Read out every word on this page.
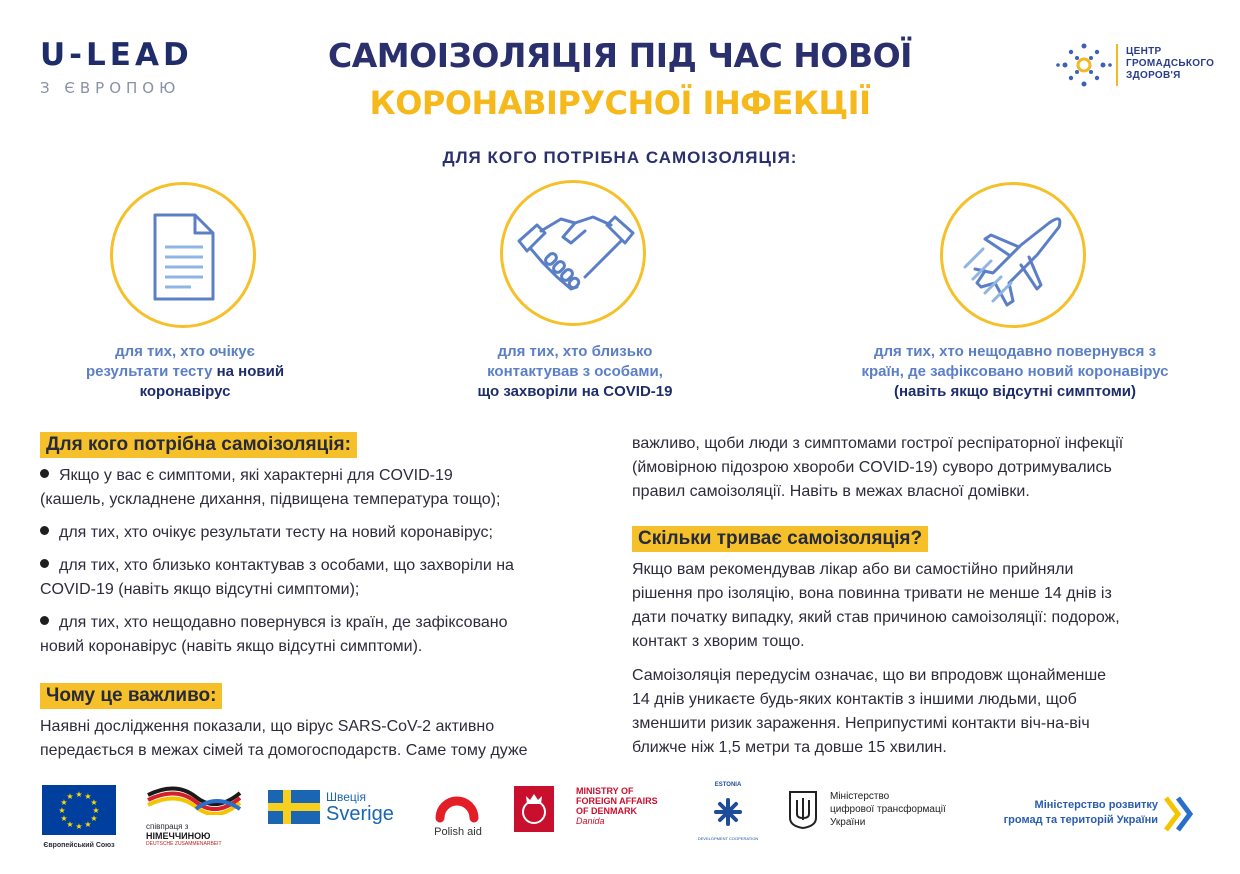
U-LEAD
З ЄВРОПОЮ
САМОІЗОЛЯЦІЯ ПІД ЧАС НОВОЇ
КОРОНАВІРУСНОЇ ІНФЕКЦІЇ
ДЛЯ КОГО ПОТРІБНА САМОІЗОЛЯЦІЯ:
ЦЕНТР
ГРОМАДСЬКОГО
ЗДОРОВ'Я
для тих, хто очікує
результати тесту на новий
коронавірус
для тих, хто близько
контактував з особами,
що захворіли на COVID-19
для тих, хто нещодавно повернувся з
країн, де зафіксовано новий коронавірус
(навіть якщо відсутні симптоми)
Для кого потрібна самоізоляція:
Якщо у вас є симптоми, які характерні для COVID-19
(кашель, ускладнене дихання, підвищена температура тощо);
для тих, хто очікує результати тесту на новий коронавірус;
для тих, хто близько контактував з особами, що захворіли на
COVID-19 (навіть якщо відсутні симптоми);
для тих, хто нещодавно повернувся із країн, де зафіксовано
новий коронавірус (навіть якщо відсутні симптоми).
Чому це важливо:
Наявні дослідження показали, що вірус SARS-CoV-2 активно
передається в межах сімей та домогосподарств. Саме тому дуже
важливо, щоби люди з симптомами гострої респіраторної інфекції
(ймовірною підозрою хвороби COVID-19) суворо дотримувались
правил самоізоляції. Навіть в межах власної домівки.
Скільки триває самоізоляція?
Якщо вам рекомендував лікар або ви самостійно прийняли
рішення про ізоляцію, вона повинна тривати не менше 14 днів із
дати початку випадку, який став причиною самоізоляції: подорож,
контакт з хворим тощо.
Самоізоляція передусім означає, що ви впродовж щонайменше
14 днів уникаєте будь-яких контактів з іншими людьми, щоб
зменшити ризик зараження. Неприпустимі контакти віч-на-віч
ближче ніж 1,5 метри та довше 15 хвилин.
★ ★
★
★
★
★
★
★
★
★
★
★
Європейський Союз
співпраця з
НІМЕЧЧИНОЮ
DEUTSCHE ZUSAMMENARBEIT
Швеція
Sverige
Polish aid
MINISTRY OF
FOREIGN AFFAIRS
OF DENMARK
Danida
ESTONIA
DEVELOPMENT COOPERATION
Міністерство
цифрової трансформації
України
Міністерство розвитку
громад та територій України
